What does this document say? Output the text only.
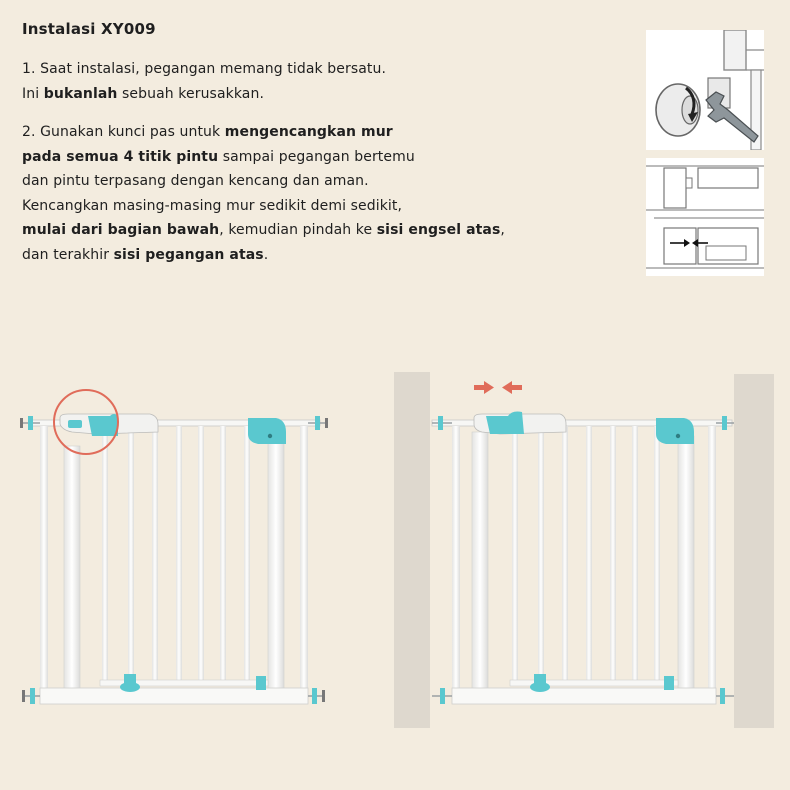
Instalasi XY009
1. Saat instalasi, pegangan memang tidak bersatu.
Ini bukanlah sebuah kerusakkan.
2. Gunakan kunci pas untuk mengencangkan mur
pada semua 4 titik pintu sampai pegangan bertemu
dan pintu terpasang dengan kencang dan aman.
Kencangkan masing-masing mur sedikit demi sedikit,
mulai dari bagian bawah, kemudian pindah ke sisi engsel atas,
dan terakhir sisi pegangan atas.
